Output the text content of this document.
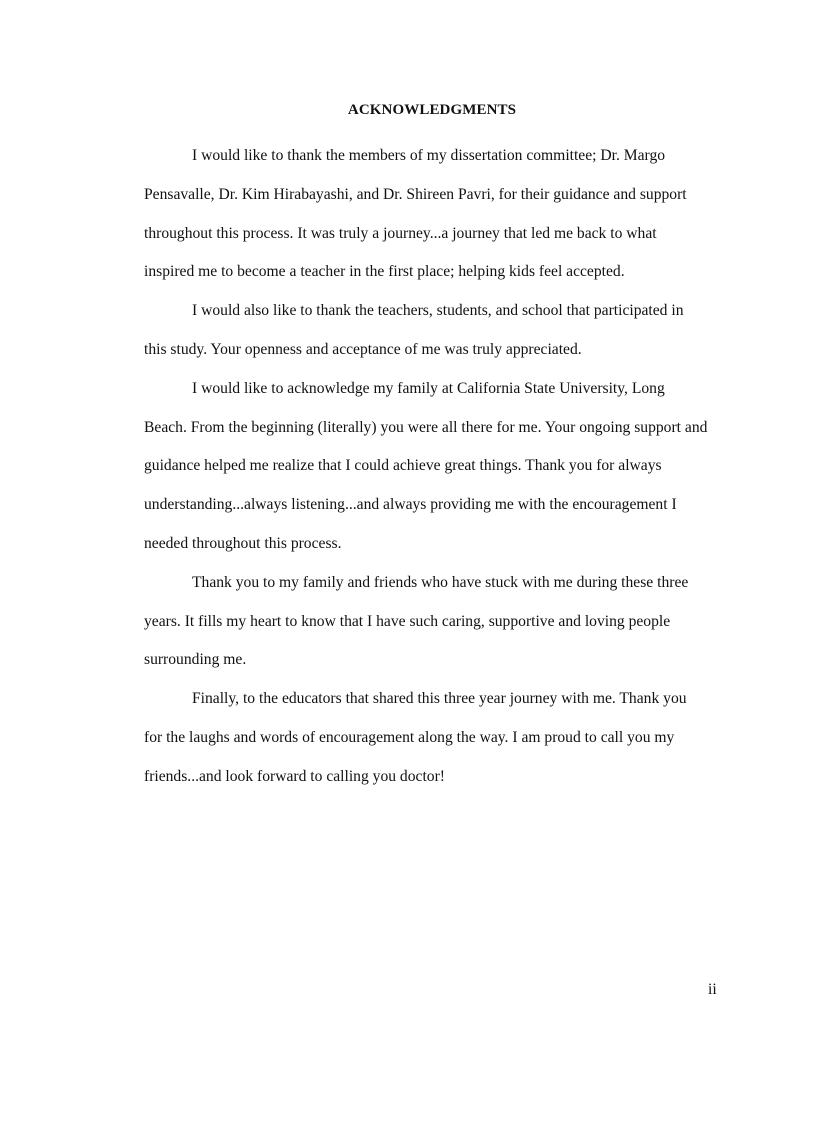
ACKNOWLEDGMENTS

I would like to thank the members of my dissertation committee; Dr. Margo Pensavalle, Dr. Kim Hirabayashi, and Dr. Shireen Pavri, for their guidance and support throughout this process. It was truly a journey...a journey that led me back to what inspired me to become a teacher in the first place; helping kids feel accepted.

I would also like to thank the teachers, students, and school that participated in this study. Your openness and acceptance of me was truly appreciated.

I would like to acknowledge my family at California State University, Long Beach. From the beginning (literally) you were all there for me. Your ongoing support and guidance helped me realize that I could achieve great things. Thank you for always understanding...always listening...and always providing me with the encouragement I needed throughout this process.

Thank you to my family and friends who have stuck with me during these three years. It fills my heart to know that I have such caring, supportive and loving people surrounding me.

Finally, to the educators that shared this three year journey with me. Thank you for the laughs and words of encouragement along the way. I am proud to call you my friends...and look forward to calling you doctor!

ii
